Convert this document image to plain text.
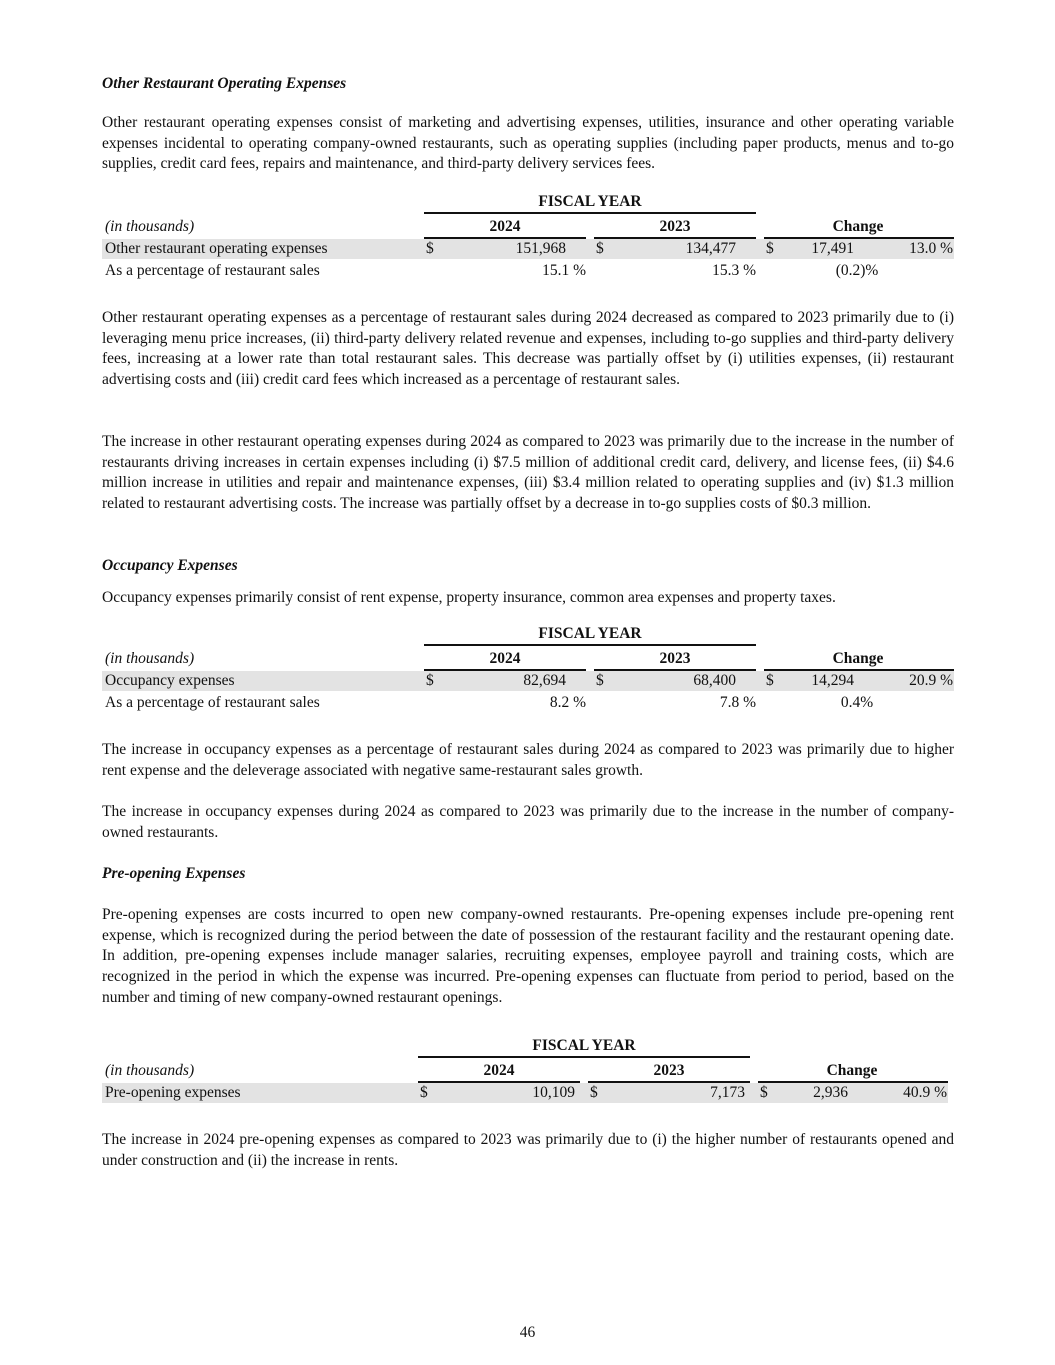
Other Restaurant Operating Expenses
Other restaurant operating expenses consist of marketing and advertising expenses, utilities, insurance and other operating variable expenses incidental to operating company-owned restaurants, such as operating supplies (including paper products, menus and to-go supplies, credit card fees, repairs and maintenance, and third-party delivery services fees.
FISCAL YEAR
(in thousands)	2024	2023	Change
Other restaurant operating expenses	$	151,968 $	134,477 $	17,491	13.0 %
As a percentage of restaurant sales	15.1 %	15.3 %	(0.2)%
Other restaurant operating expenses as a percentage of restaurant sales during 2024 decreased as compared to 2023 primarily due to (i) leveraging menu price increases, (ii) third-party delivery related revenue and expenses, including to-go supplies and third-party delivery fees, increasing at a lower rate than total restaurant sales. This decrease was partially offset by (i) utilities expenses, (ii) restaurant advertising costs and (iii) credit card fees which increased as a percentage of restaurant sales.
The increase in other restaurant operating expenses during 2024 as compared to 2023 was primarily due to the increase in the number of restaurants driving increases in certain expenses including (i) $7.5 million of additional credit card, delivery, and license fees, (ii) $4.6 million increase in utilities and repair and maintenance expenses, (iii) $3.4 million related to operating supplies and (iv) $1.3 million related to restaurant advertising costs. The increase was partially offset by a decrease in to-go supplies costs of $0.3 million.
Occupancy Expenses
Occupancy expenses primarily consist of rent expense, property insurance, common area expenses and property taxes.
FISCAL YEAR
(in thousands)	2024	2023	Change
Occupancy expenses	$	82,694 $	68,400 $	14,294	20.9 %
As a percentage of restaurant sales	8.2 %	7.8 %	0.4%
The increase in occupancy expenses as a percentage of restaurant sales during 2024 as compared to 2023 was primarily due to higher rent expense and the deleverage associated with negative same-restaurant sales growth.
The increase in occupancy expenses during 2024 as compared to 2023 was primarily due to the increase in the number of company-owned restaurants.
Pre-opening Expenses
Pre-opening expenses are costs incurred to open new company-owned restaurants. Pre-opening expenses include pre-opening rent expense, which is recognized during the period between the date of possession of the restaurant facility and the restaurant opening date. In addition, pre-opening expenses include manager salaries, recruiting expenses, employee payroll and training costs, which are recognized in the period in which the expense was incurred. Pre-opening expenses can fluctuate from period to period, based on the number and timing of new company-owned restaurant openings.
FISCAL YEAR
(in thousands)	2024	2023	Change
Pre-opening expenses	$	10,109 $	7,173 $	2,936	40.9 %
The increase in 2024 pre-opening expenses as compared to 2023 was primarily due to (i) the higher number of restaurants opened and under construction and (ii) the increase in rents.
46
